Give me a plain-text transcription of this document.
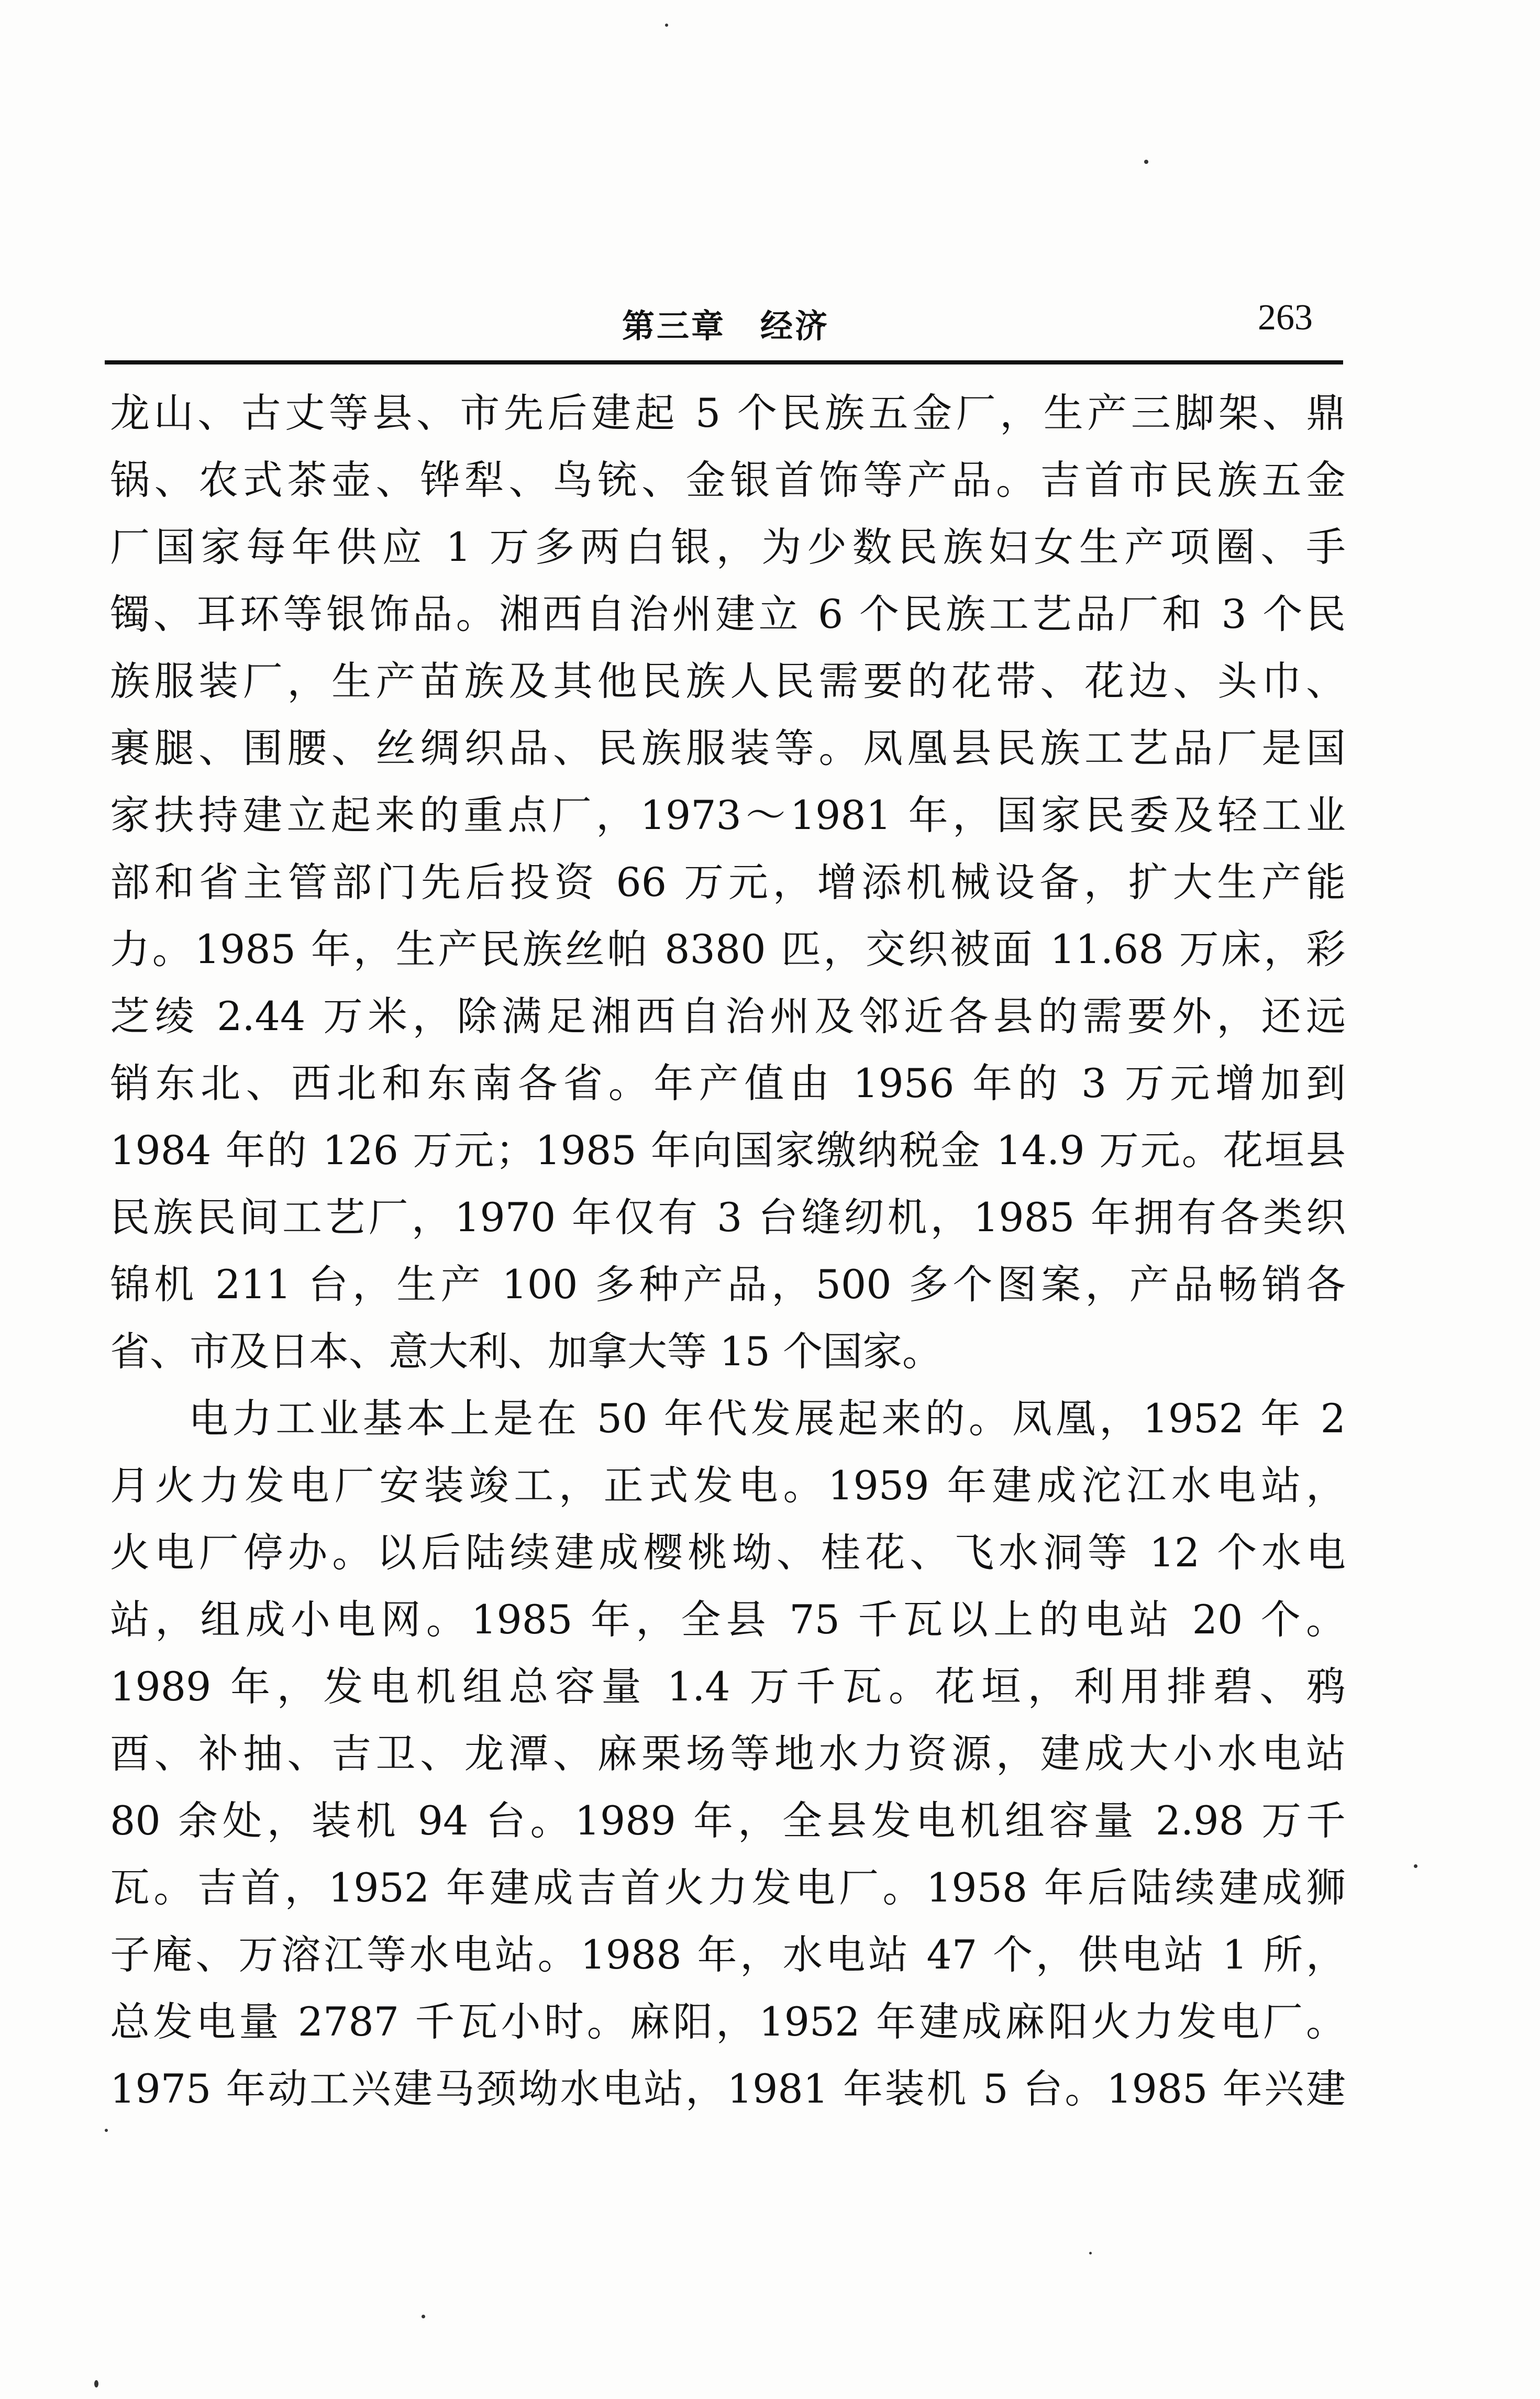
第三章　经济	263
龙山、古丈等县、市先后建起 5 个民族五金厂，生产三脚架、鼎
锅、农式茶壶、铧犁、鸟铳、金银首饰等产品。吉首市民族五金
厂国家每年供应 1 万多两白银，为少数民族妇女生产项圈、手
镯、耳环等银饰品。湘西自治州建立 6 个民族工艺品厂和 3 个民
族服装厂，生产苗族及其他民族人民需要的花带、花边、头巾、
裹腿、围腰、丝绸织品、民族服装等。凤凰县民族工艺品厂是国
家扶持建立起来的重点厂，1973～1981 年，国家民委及轻工业
部和省主管部门先后投资 66 万元，增添机械设备，扩大生产能
力。1985 年，生产民族丝帕 8380 匹，交织被面 11.68 万床，彩
芝绫 2.44 万米，除满足湘西自治州及邻近各县的需要外，还远
销东北、西北和东南各省。年产值由 1956 年的 3 万元增加到
1984 年的 126 万元；1985 年向国家缴纳税金 14.9 万元。花垣县
民族民间工艺厂，1970 年仅有 3 台缝纫机，1985 年拥有各类织
锦机 211 台，生产 100 多种产品，500 多个图案，产品畅销各
省、市及日本、意大利、加拿大等 15 个国家。
电力工业基本上是在 50 年代发展起来的。凤凰，1952 年 2
月火力发电厂安装竣工，正式发电。1959 年建成沱江水电站，
火电厂停办。以后陆续建成樱桃坳、桂花、飞水洞等 12 个水电
站，组成小电网。1985 年，全县 75 千瓦以上的电站 20 个。
1989 年，发电机组总容量 1.4 万千瓦。花垣，利用排碧、鸦
酉、补抽、吉卫、龙潭、麻栗场等地水力资源，建成大小水电站
80 余处，装机 94 台。1989 年，全县发电机组容量 2.98 万千
瓦。吉首，1952 年建成吉首火力发电厂。1958 年后陆续建成狮
子庵、万溶江等水电站。1988 年，水电站 47 个，供电站 1 所，
总发电量 2787 千瓦小时。麻阳，1952 年建成麻阳火力发电厂。
1975 年动工兴建马颈坳水电站，1981 年装机 5 台。1985 年兴建
